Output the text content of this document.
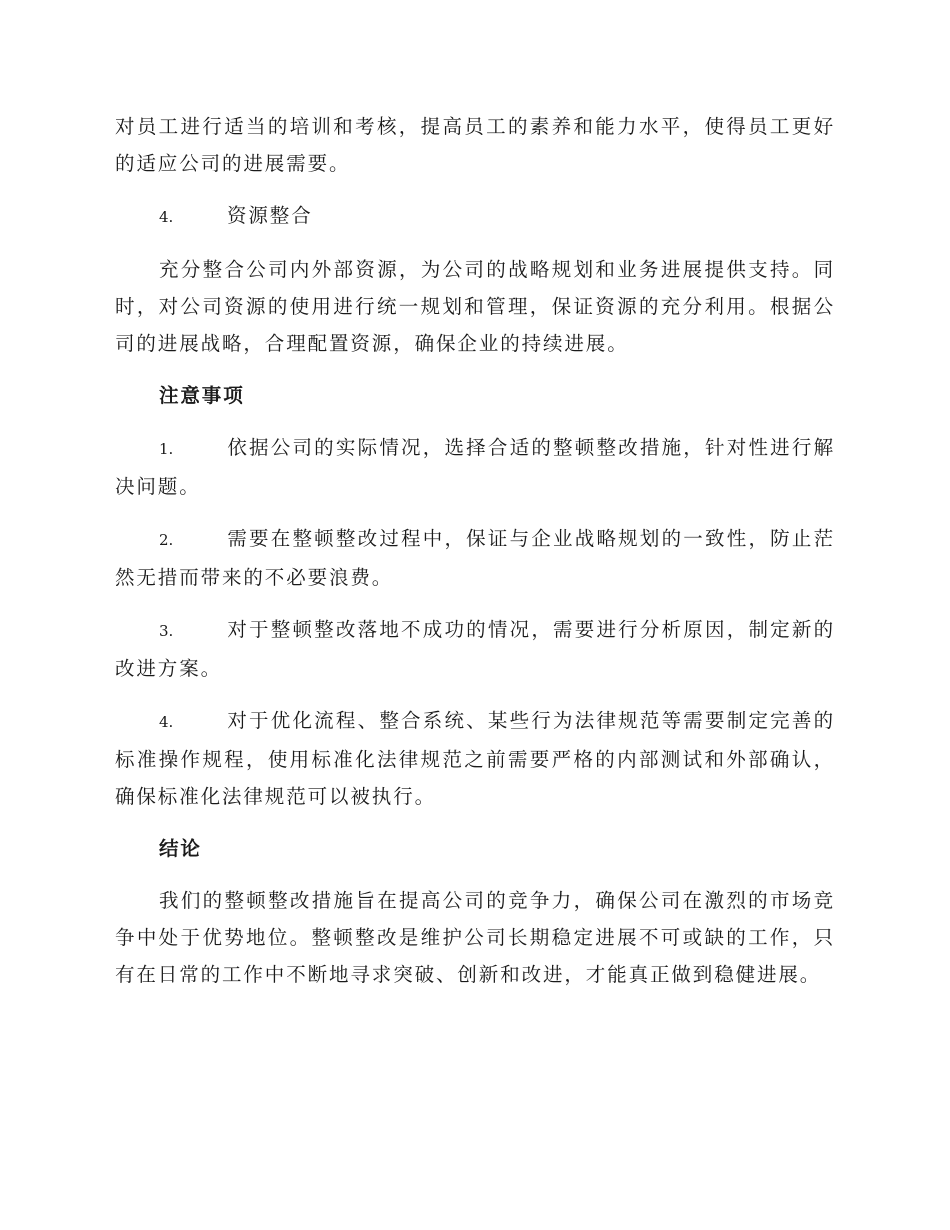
对员工进行适当的培训和考核，提高员工的素养和能力水平，使得员工更好
的适应公司的进展需要。
4.	资源整合
充分整合公司内外部资源，为公司的战略规划和业务进展提供支持。同
时，对公司资源的使用进行统一规划和管理，保证资源的充分利用。根据公
司的进展战略，合理配置资源，确保企业的持续进展。
注意事项
1.	依据公司的实际情况，选择合适的整顿整改措施，针对性进行解
决问题。
2.	需要在整顿整改过程中，保证与企业战略规划的一致性，防止茫
然无措而带来的不必要浪费。
3.	对于整顿整改落地不成功的情况，需要进行分析原因，制定新的
改进方案。
4.	对于优化流程、整合系统、某些行为法律规范等需要制定完善的
标准操作规程，使用标准化法律规范之前需要严格的内部测试和外部确认，
确保标准化法律规范可以被执行。
结论
我们的整顿整改措施旨在提高公司的竞争力，确保公司在激烈的市场竞
争中处于优势地位。整顿整改是维护公司长期稳定进展不可或缺的工作，只
有在日常的工作中不断地寻求突破、创新和改进，才能真正做到稳健进展。
